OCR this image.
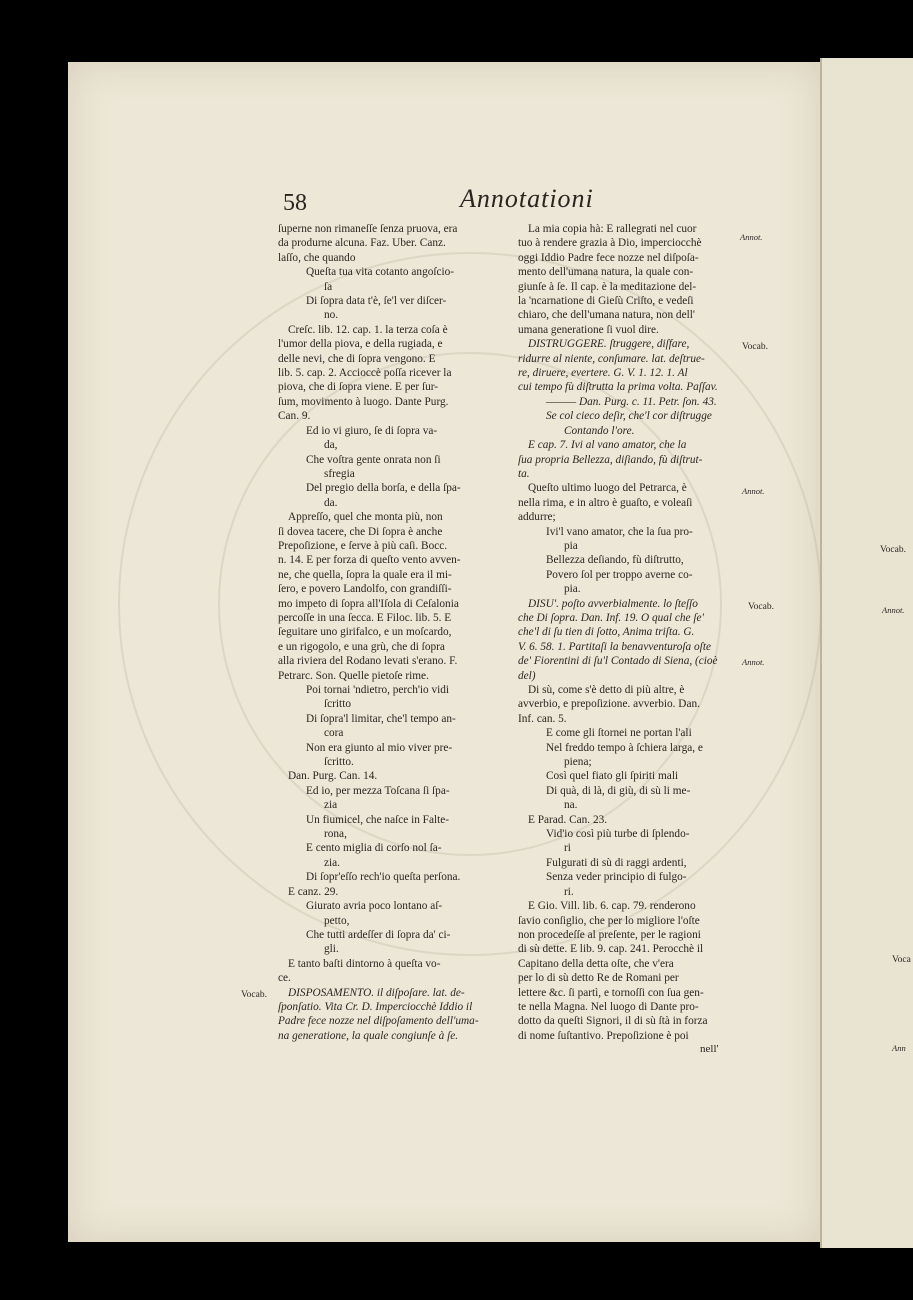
58	Annotationi
ſuperne non rimaneſſe ſenza pruova, era
da produrne alcuna. Faz. Uber. Canz.
laſſo, che quando
Queſta tua vita cotanto angoſcio-
ſa
Di ſopra data t'è, ſe'l ver diſcer-
no.
Creſc. lib. 12. cap. 1. la terza coſa è
l'umor della piova, e della rugiada, e
delle nevi, che di ſopra vengono. E
lib. 5. cap. 2. Accioccè poſſa ricever la
piova, che di ſopra viene. E per ſur-
ſum, movimento à luogo. Dante Purg.
Can. 9.
Ed io vi giuro, ſe di ſopra va-
da,
Che voſtra gente onrata non ſi
sfregia
Del pregio della borſa, e della ſpa-
da.
Appreſſo, quel che monta più, non
ſi dovea tacere, che Di ſopra è anche
Prepoſizione, e ſerve à più caſi. Bocc.
n. 14. E per forza di queſto vento avven-
ne, che quella, ſopra la quale era il mi-
ſero, e povero Landolfo, con grandiſſi-
mo impeto di ſopra all'Iſola di Ceſalonia
percoſſe in una ſecca. E Filoc. lib. 5. E
ſeguitare uno girifalco, e un moſcardo,
e un rigogolo, e una grù, che di ſopra
alla riviera del Rodano levati s'erano. F.
Petrarc. Son. Quelle pietoſe rime.
Poi tornai 'ndietro, perch'io vidi
ſcritto
Di ſopra'l limitar, che'l tempo an-
cora
Non era giunto al mio viver pre-
ſcritto.
Dan. Purg. Can. 14.
Ed io, per mezza Toſcana ſi ſpa-
zia
Un fiumicel, che naſce in Falte-
rona,
E cento miglia di corſo nol ſa-
zia.
Di ſopr'eſſo rech'io queſta perſona.
E canz. 29.
Giurato avria poco lontano aſ-
petto,
Che tutti ardeſſer di ſopra da' ci-
gli.
E tanto baſti dintorno à queſta vo-
ce.
DISPOSAMENTO. il diſpoſare. lat. de-
ſponſatio. Vita Cr. D. Imperciocchè Iddio il
Padre fece nozze nel diſpoſamento dell'uma-
na generatione, la quale congiunſe à ſe.
La mia copia hà: E rallegrati nel cuor
tuo à rendere grazia à Dio, imperciocchè
oggi Iddio Padre fece nozze nel diſpoſa-
mento dell'umana natura, la quale con-
giunſe à ſe. Il cap. è la meditazione del-
la 'ncarnatione di Gieſù Criſto, e vedeſi
chiaro, che dell'umana natura, non dell'
umana generatione ſi vuol dire.
DISTRUGGERE. ſtruggere, diſfare,
ridurre al niente, conſumare. lat. deſtrue-
re, diruere, evertere. G. V. 1. 12. 1. Al
cui tempo fù diſtrutta la prima volta. Paſſav.
——— Dan. Purg. c. 11. Petr. ſon. 43.
Se col cieco deſir, che'l cor diſtrugge
Contando l'ore.
E cap. 7. Ivi al vano amator, che la
ſua propria Bellezza, diſiando, fù diſtrut-
ta.
Queſto ultimo luogo del Petrarca, è
nella rima, e in altro è guaſto, e voleaſi
addurre;
Ivi'l vano amator, che la ſua pro-
pia
Bellezza deſiando, fù diſtrutto,
Povero ſol per troppo averne co-
pia.
DISU'. poſto avverbialmente. lo ſteſſo
che Di ſopra. Dan. Inf. 19. O qual che ſe'
che'l di ſu tien di ſotto, Anima triſta. G.
V. 6. 58. 1. Partitaſi la benavventuroſa oſte
de' Fiorentini di ſu'l Contado di Siena, (cioè
del)
Di sù, come s'è detto di più altre, è
avverbio, e prepoſizione. avverbio. Dan.
Inf. can. 5.
E come gli ſtornei ne portan l'ali
Nel freddo tempo à ſchiera larga, e
piena;
Così quel fiato gli ſpiriti mali
Di quà, di là, di giù, di sù li me-
na.
E Parad. Can. 23.
Vid'io così più turbe di ſplendo-
ri
Fulgurati di sù di raggi ardenti,
Senza veder principio di fulgo-
ri.
E Gio. Vill. lib. 6. cap. 79. renderono
ſavio conſiglio, che per lo migliore l'oſte
non procedeſſe al preſente, per le ragioni
di sù dette. E lib. 9. cap. 241. Perocchè il
Capitano della detta oſte, che v'era
per lo di sù detto Re de Romani per
lettere &c. ſi partì, e tornoſſi con ſua gen-
te nella Magna. Nel luogo di Dante pro-
dotto da queſti Signori, il di sù ſtà in forza
di nome ſuſtantivo. Prepoſizione è poi
nell'
Annot.
Vocab.
Annot.
Vocab.
Annot.
Vocab.
Vocab.
Annot.
Voca
Ann
